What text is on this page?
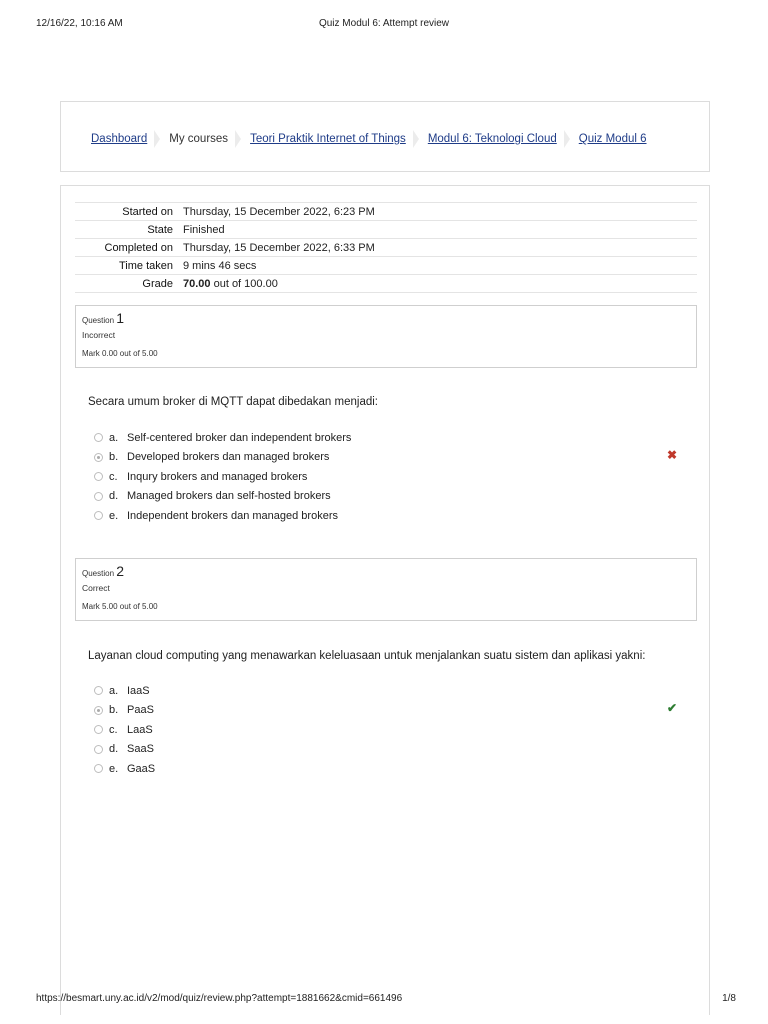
12/16/22, 10:16 AM	Quiz Modul 6: Attempt review
Dashboard My courses Teori Praktik Internet of Things Modul 6: Teknologi Cloud Quiz Modul 6
Started on	Thursday, 15 December 2022, 6:23 PM
State	Finished
Completed on	Thursday, 15 December 2022, 6:33 PM
Time taken	9 mins 46 secs
Grade	70.00 out of 100.00
Question 1
Incorrect
Mark 0.00 out of 5.00
Secara umum broker di MQTT dapat dibedakan menjadi:
a. Self-centered broker dan independent brokers
b. Developed brokers dan managed brokers
c. Inqury brokers and managed brokers
d. Managed brokers dan self-hosted brokers
e. Independent brokers dan managed brokers
✖
Question 2
Correct
Mark 5.00 out of 5.00
Layanan cloud computing yang menawarkan keleluasaan untuk menjalankan suatu sistem dan aplikasi yakni:
a. IaaS
b. PaaS
c. LaaS
d. SaaS
e. GaaS
✔
https://besmart.uny.ac.id/v2/mod/quiz/review.php?attempt=1881662&cmid=661496	1/8
